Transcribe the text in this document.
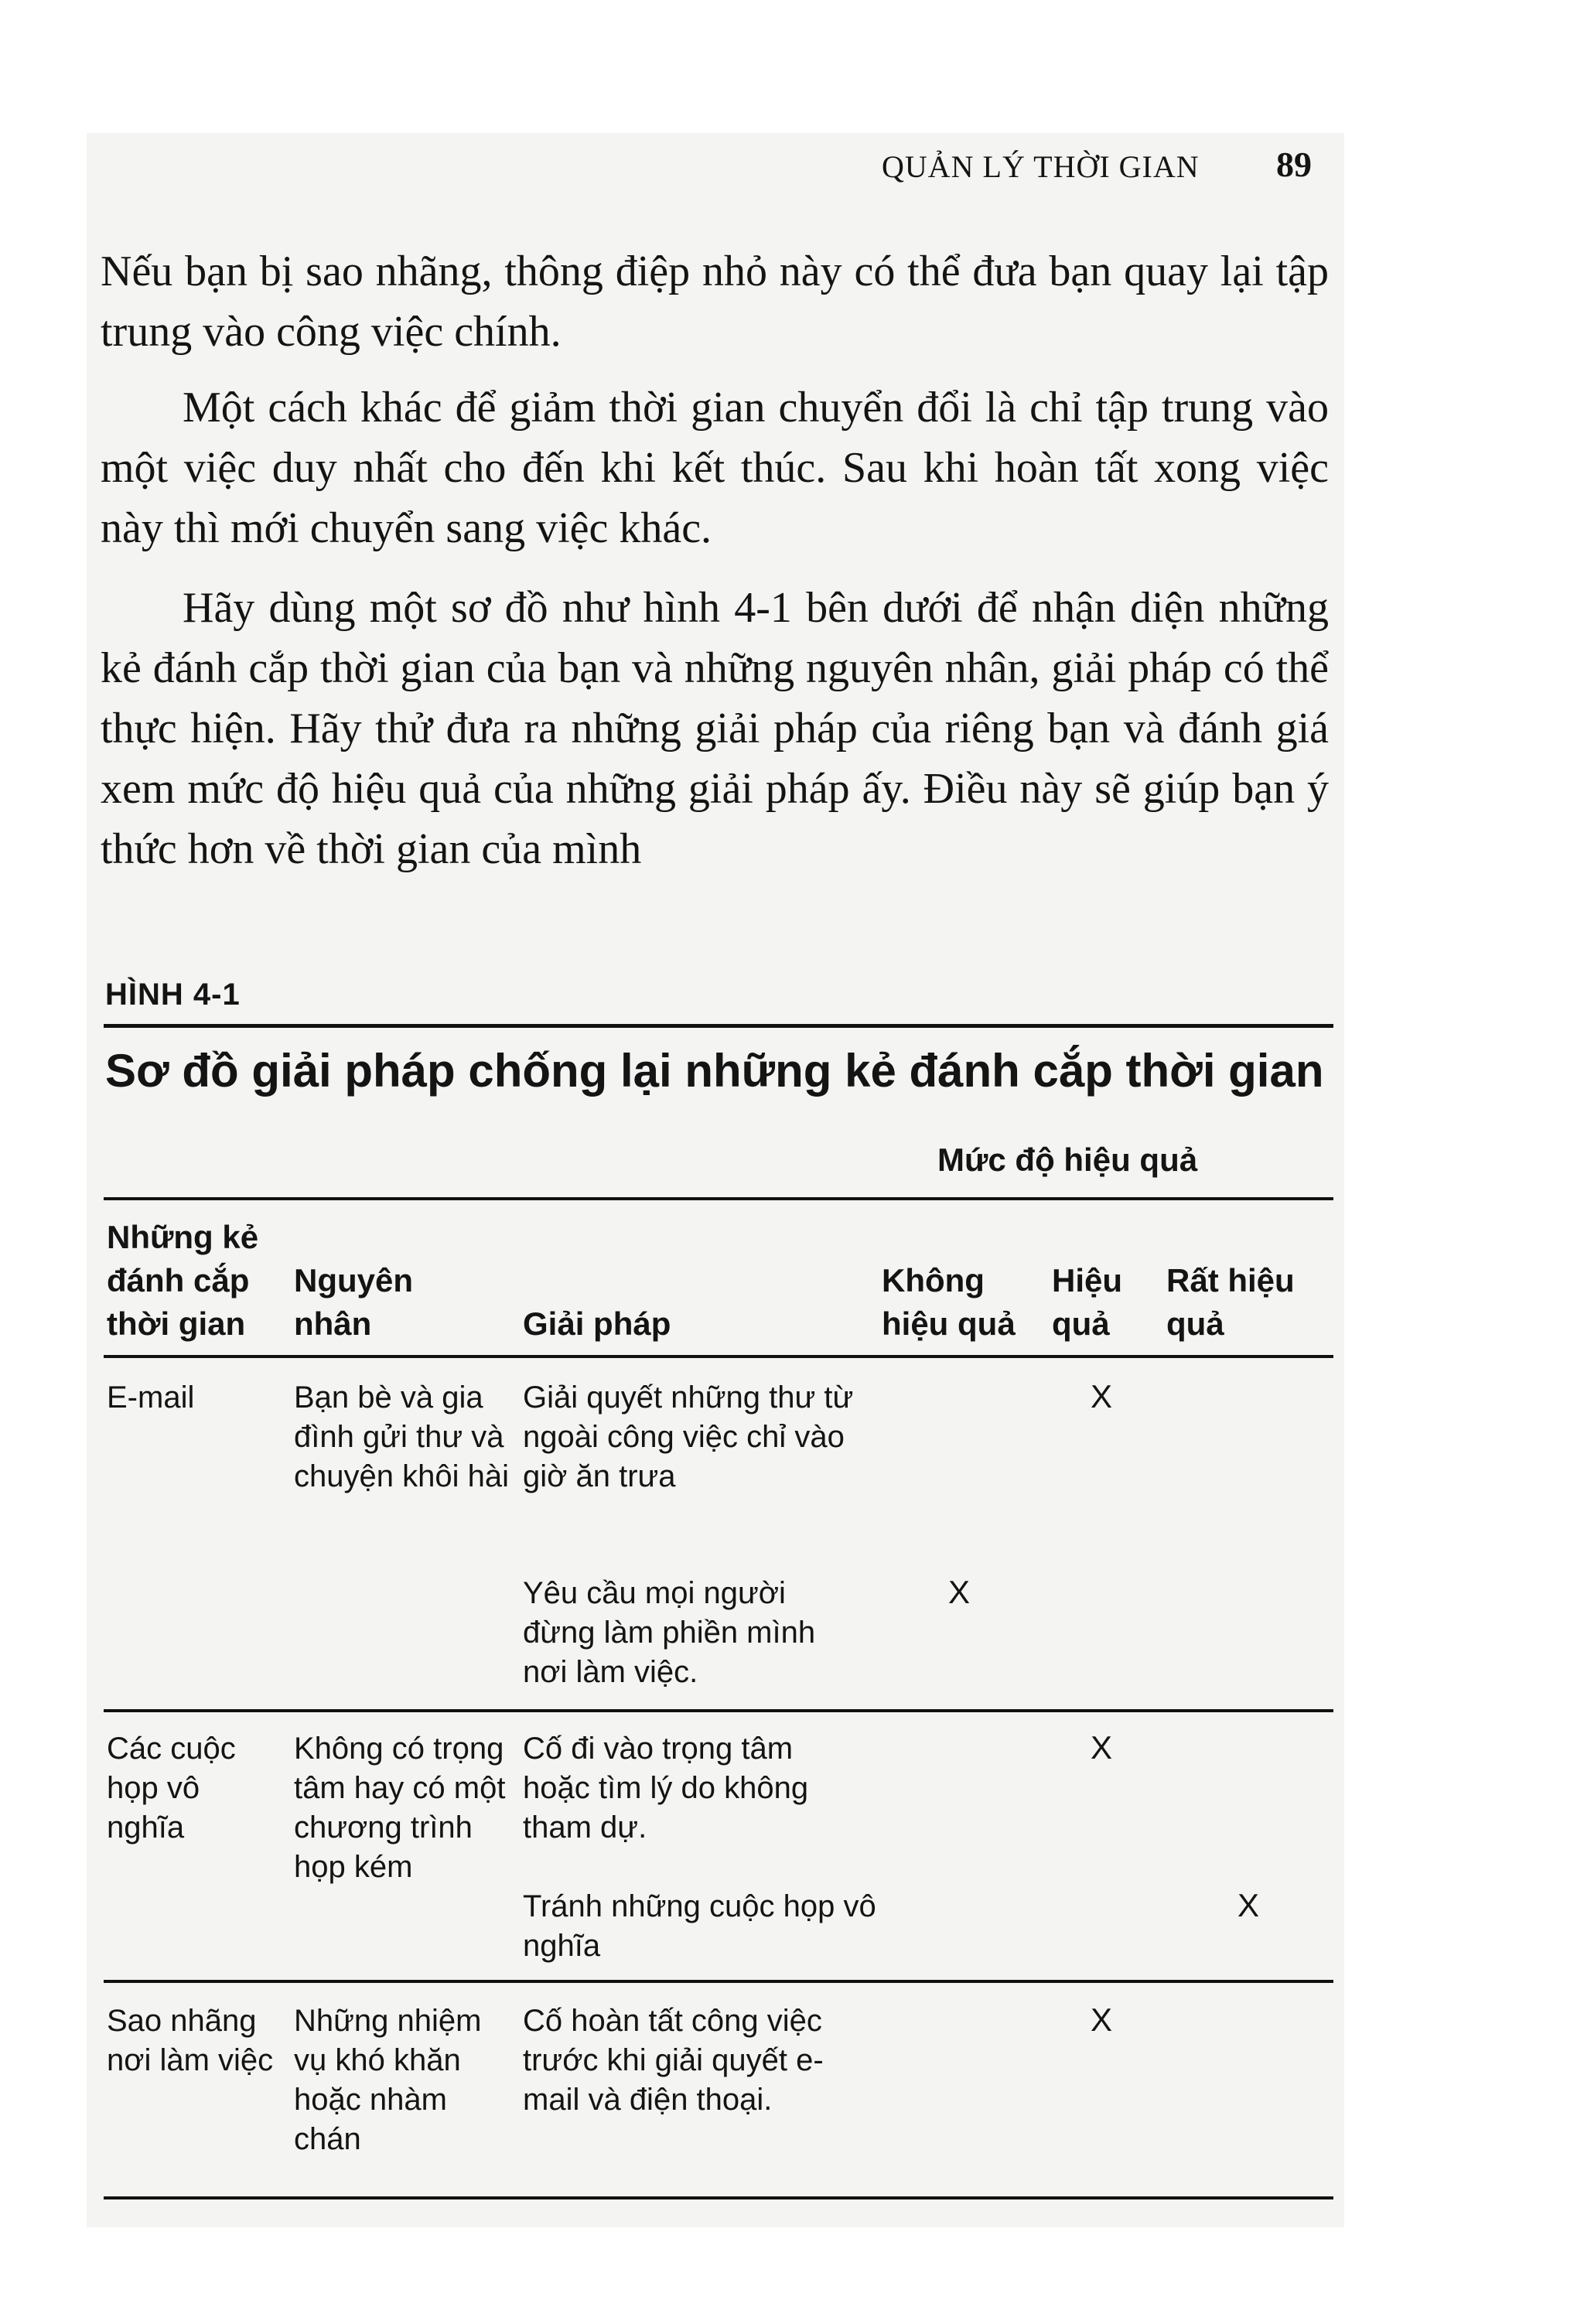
QUẢN LÝ THỜI GIAN 89

Nếu bạn bị sao nhãng, thông điệp nhỏ này có thể đưa bạn quay lại tập trung vào công việc chính.

Một cách khác để giảm thời gian chuyển đổi là chỉ tập trung vào một việc duy nhất cho đến khi kết thúc. Sau khi hoàn tất xong việc này thì mới chuyển sang việc khác.

Hãy dùng một sơ đồ như hình 4-1 bên dưới để nhận diện những kẻ đánh cắp thời gian của bạn và những nguyên nhân, giải pháp có thể thực hiện. Hãy thử đưa ra những giải pháp của riêng bạn và đánh giá xem mức độ hiệu quả của những giải pháp ấy. Điều này sẽ giúp bạn ý thức hơn về thời gian của mình

HÌNH 4-1
Sơ đồ giải pháp chống lại những kẻ đánh cắp thời gian
Mức độ hiệu quả
Những kẻ đánh cắp thời gian
Nguyên nhân	Giải pháp
Không hiệu quả
Hiệu quả
Rất hiệu quả
E-mail	Bạn bè và gia đình gửi thư và chuyện khôi hài
Giải quyết những thư từ ngoài công việc chỉ vào giờ ăn trưa
X
Yêu cầu mọi người đừng làm phiền mình nơi làm việc.
X
Các cuộc họp vô nghĩa
Không có trọng tâm hay có một chương trình họp kém
Cố đi vào trọng tâm hoặc tìm lý do không tham dự.
X
Tránh những cuộc họp vô nghĩa
X
Sao nhãng nơi làm việc
Những nhiệm vụ khó khăn hoặc nhàm chán
Cố hoàn tất công việc trước khi giải quyết e-mail và điện thoại.
X
